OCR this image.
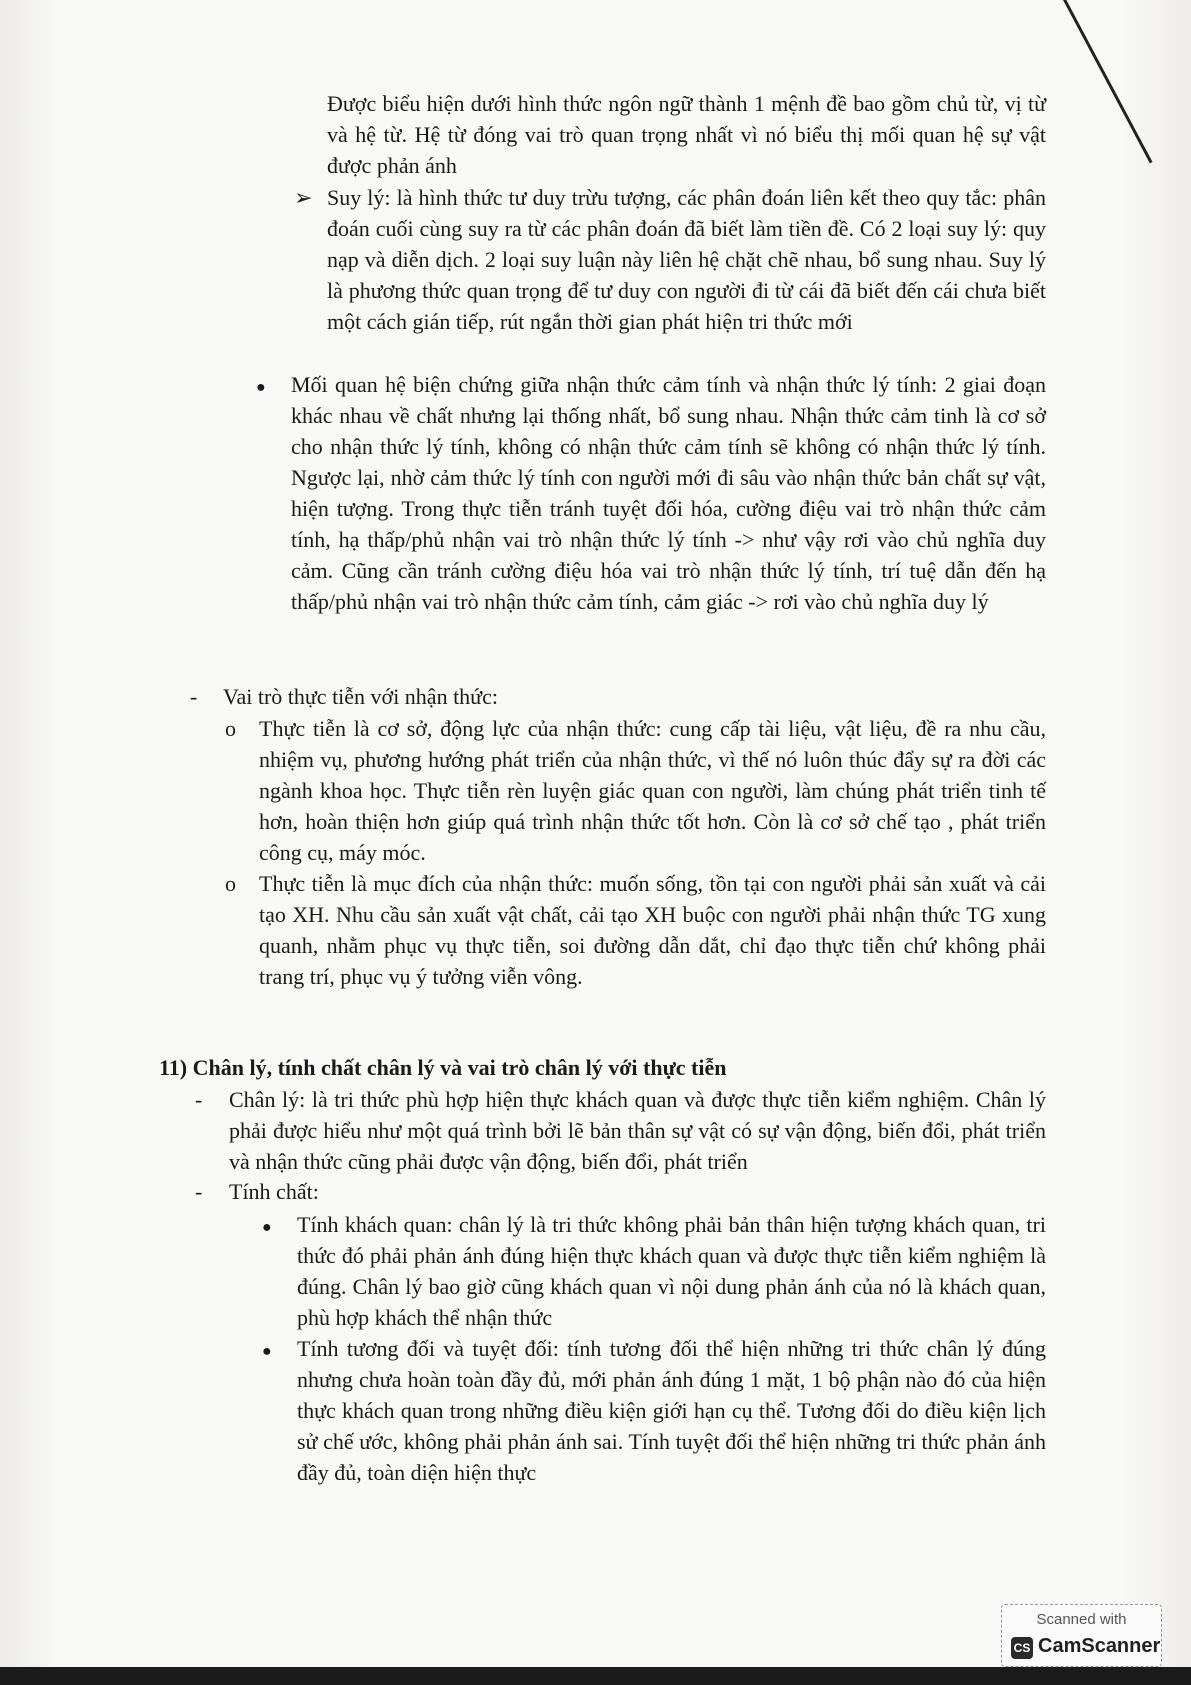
Được biểu hiện dưới hình thức ngôn ngữ thành 1 mệnh đề bao gồm chủ từ, vị từ và hệ từ. Hệ từ đóng vai trò quan trọng nhất vì nó biểu thị mối quan hệ sự vật được phản ánh
➢ Suy lý: là hình thức tư duy trừu tượng, các phân đoán liên kết theo quy tắc: phân đoán cuối cùng suy ra từ các phân đoán đã biết làm tiền đề. Có 2 loại suy lý: quy nạp và diễn dịch. 2 loại suy luận này liên hệ chặt chẽ nhau, bổ sung nhau. Suy lý là phương thức quan trọng để tư duy con người đi từ cái đã biết đến cái chưa biết một cách gián tiếp, rút ngắn thời gian phát hiện tri thức mới
● Mối quan hệ biện chứng giữa nhận thức cảm tính và nhận thức lý tính: 2 giai đoạn khác nhau về chất nhưng lại thống nhất, bổ sung nhau. Nhận thức cảm tinh là cơ sở cho nhận thức lý tính, không có nhận thức cảm tính sẽ không có nhận thức lý tính. Ngược lại, nhờ cảm thức lý tính con người mới đi sâu vào nhận thức bản chất sự vật, hiện tượng. Trong thực tiễn tránh tuyệt đối hóa, cường điệu vai trò nhận thức cảm tính, hạ thấp/phủ nhận vai trò nhận thức lý tính -> như vậy rơi vào chủ nghĩa duy cảm. Cũng cần tránh cường điệu hóa vai trò nhận thức lý tính, trí tuệ dẫn đến hạ thấp/phủ nhận vai trò nhận thức cảm tính, cảm giác -> rơi vào chủ nghĩa duy lý
- Vai trò thực tiễn với nhận thức:
o Thực tiễn là cơ sở, động lực của nhận thức: cung cấp tài liệu, vật liệu, đề ra nhu cầu, nhiệm vụ, phương hướng phát triển của nhận thức, vì thế nó luôn thúc đẩy sự ra đời các ngành khoa học. Thực tiễn rèn luyện giác quan con người, làm chúng phát triển tinh tế hơn, hoàn thiện hơn giúp quá trình nhận thức tốt hơn. Còn là cơ sở chế tạo , phát triển công cụ, máy móc.
o Thực tiễn là mục đích của nhận thức: muốn sống, tồn tại con người phải sản xuất và cải tạo XH. Nhu cầu sản xuất vật chất, cải tạo XH buộc con người phải nhận thức TG xung quanh, nhằm phục vụ thực tiễn, soi đường dẫn dắt, chỉ đạo thực tiễn chứ không phải trang trí, phục vụ ý tưởng viễn vông.
11) Chân lý, tính chất chân lý và vai trò chân lý với thực tiễn
- Chân lý: là tri thức phù hợp hiện thực khách quan và được thực tiễn kiểm nghiệm. Chân lý phải được hiểu như một quá trình bởi lẽ bản thân sự vật có sự vận động, biến đổi, phát triển và nhận thức cũng phải được vận động, biến đổi, phát triển
- Tính chất:
● Tính khách quan: chân lý là tri thức không phải bản thân hiện tượng khách quan, tri thức đó phải phản ánh đúng hiện thực khách quan và được thực tiễn kiểm nghiệm là đúng. Chân lý bao giờ cũng khách quan vì nội dung phản ánh của nó là khách quan, phù hợp khách thể nhận thức
● Tính tương đối và tuyệt đối: tính tương đối thể hiện những tri thức chân lý đúng nhưng chưa hoàn toàn đầy đủ, mới phản ánh đúng 1 mặt, 1 bộ phận nào đó của hiện thực khách quan trong những điều kiện giới hạn cụ thể. Tương đối do điều kiện lịch sử chế ước, không phải phản ánh sai. Tính tuyệt đối thể hiện những tri thức phản ánh đầy đủ, toàn diện hiện thực
Scanned with
CS CamScanner
